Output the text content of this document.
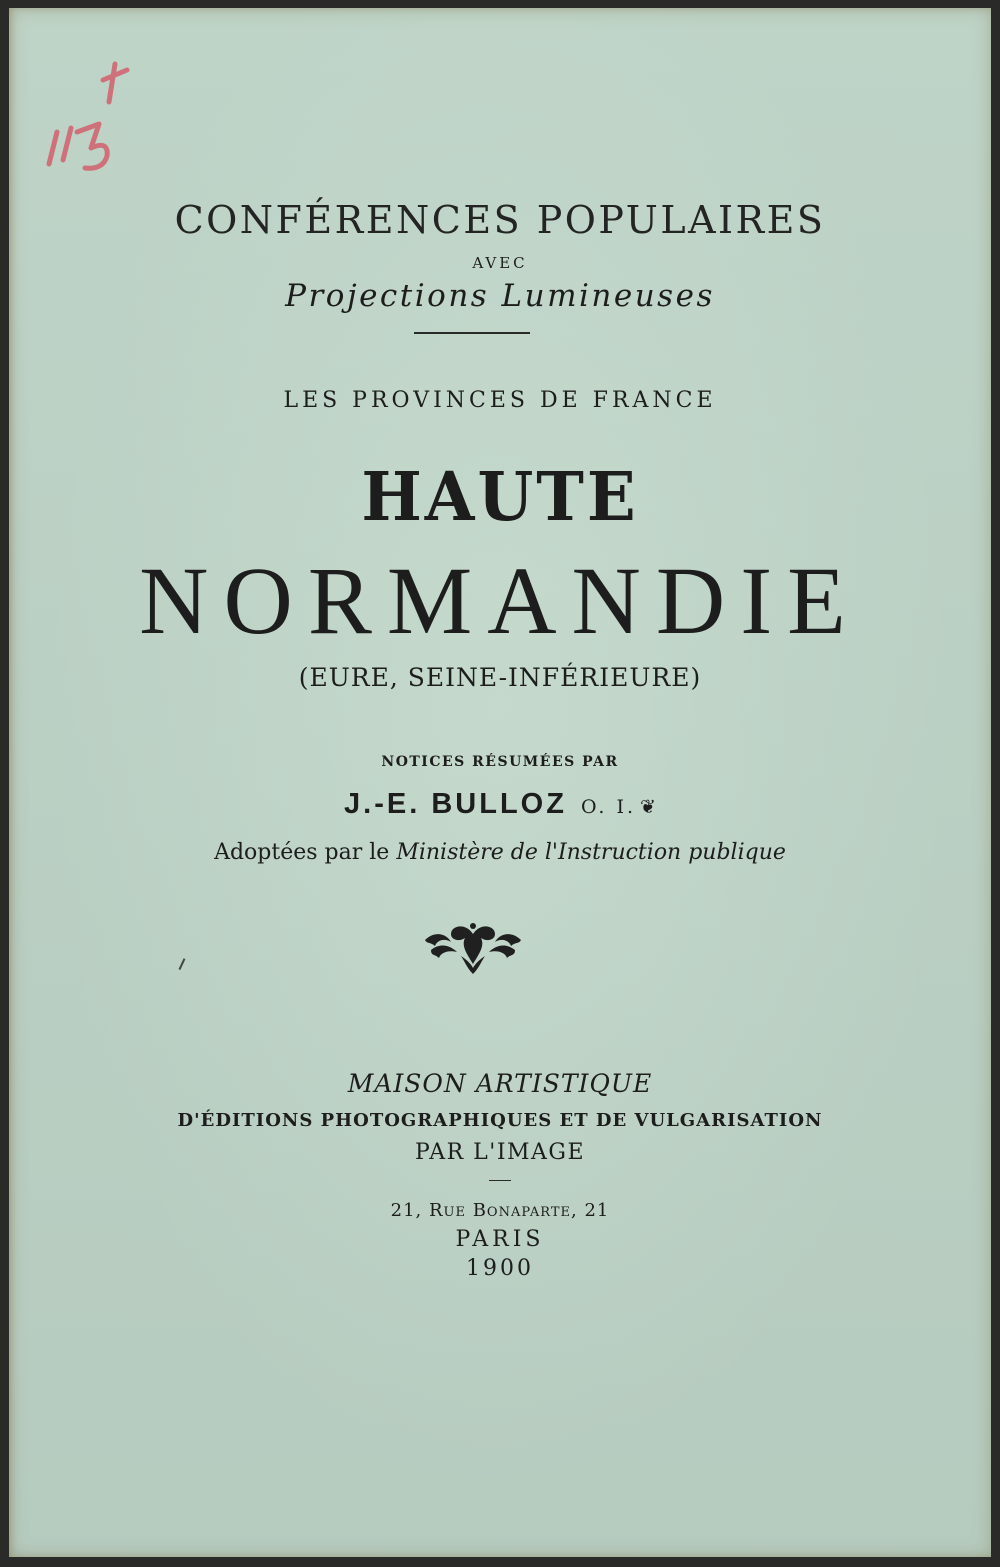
CONFÉRENCES POPULAIRES
AVEC
Projections Lumineuses
LES PROVINCES DE FRANCE
HAUTE
NORMANDIE
(EURE, SEINE-INFÉRIEURE)
NOTICES RÉSUMÉES PAR
J.-E. BULLOZ O. I. ❦
Adoptées par le Ministère de l'Instruction publique
MAISON ARTISTIQUE
D'ÉDITIONS PHOTOGRAPHIQUES ET DE VULGARISATION
PAR L'IMAGE
21, Rue Bonaparte, 21
PARIS
1900
